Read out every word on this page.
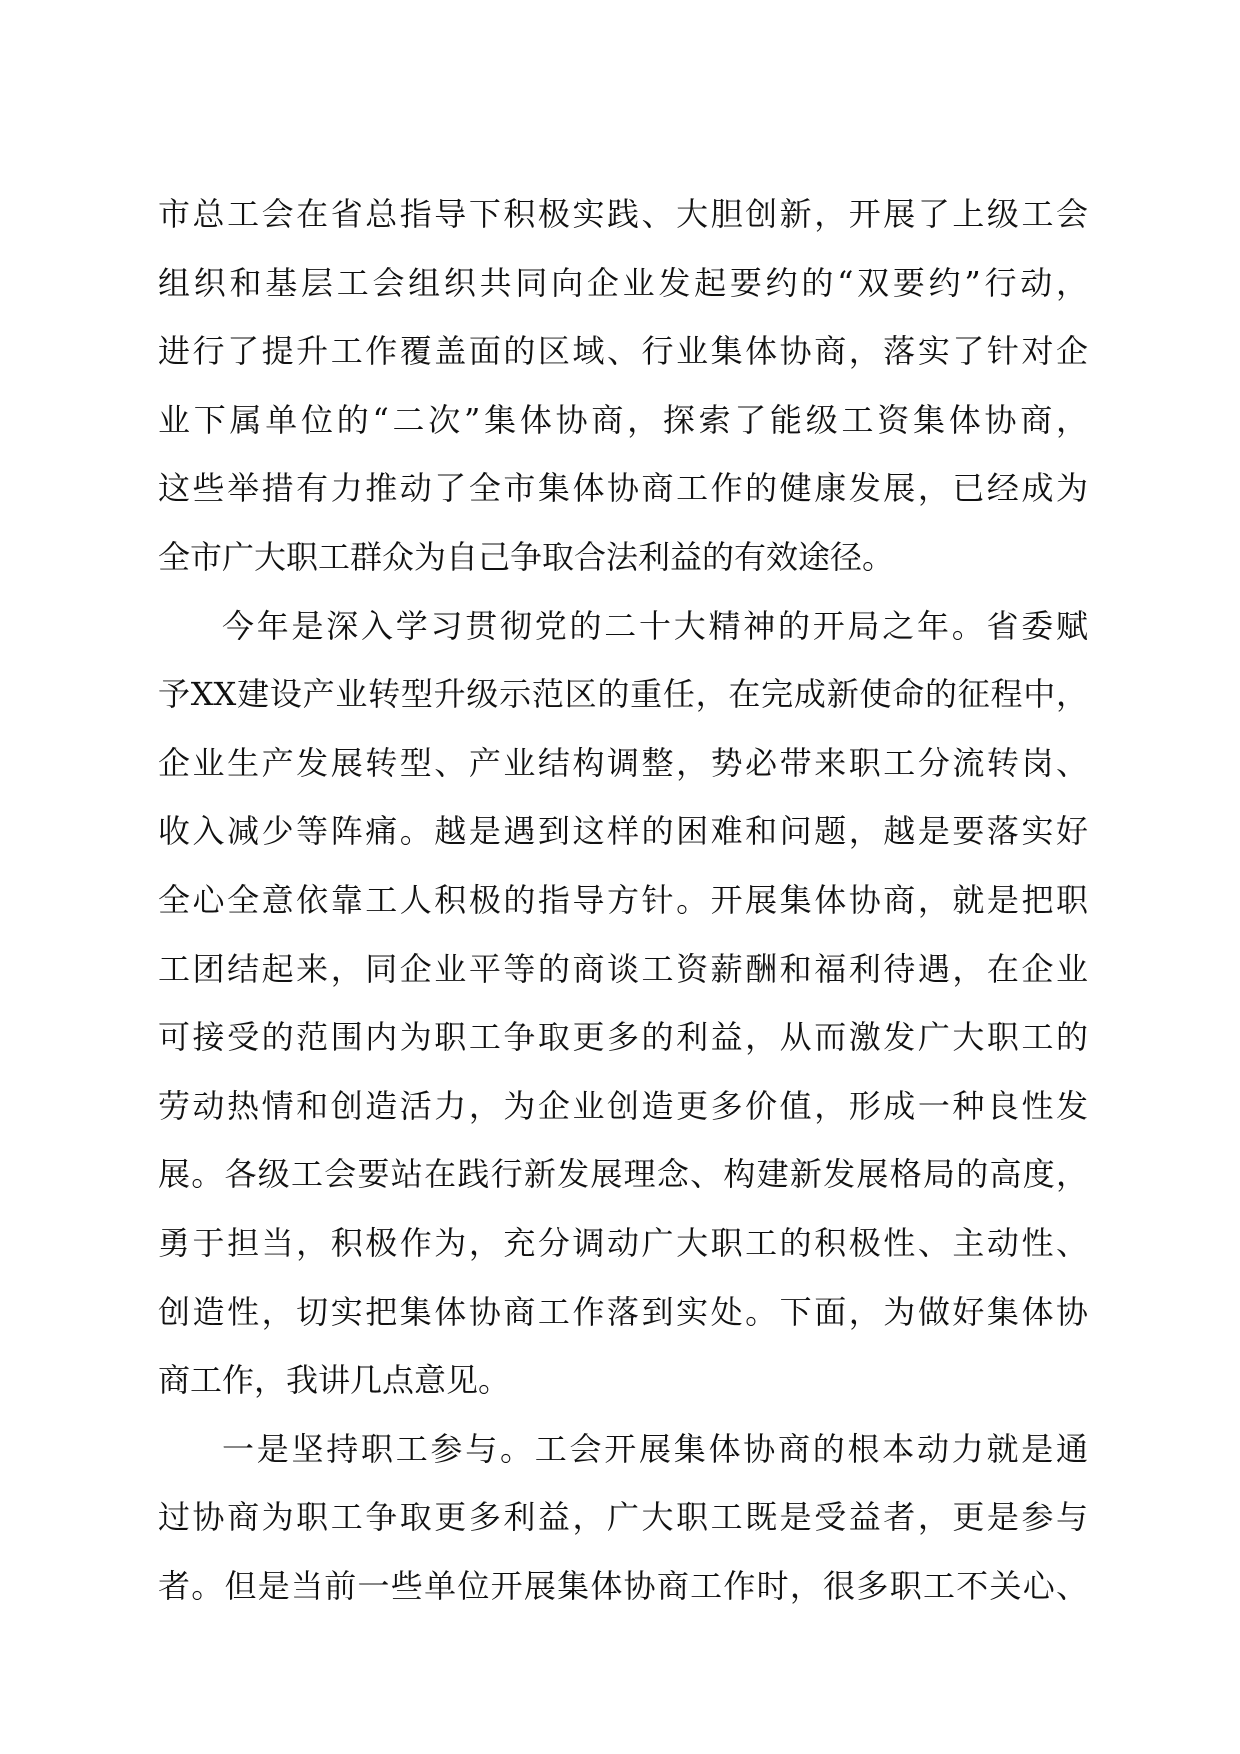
市总工会在省总指导下积极实践、大胆创新，开展了上级工会
组织和基层工会组织共同向企业发起要约的“双要约”行动，
进行了提升工作覆盖面的区域、行业集体协商，落实了针对企
业下属单位的“二次”集体协商，探索了能级工资集体协商，
这些举措有力推动了全市集体协商工作的健康发展，已经成为
全市广大职工群众为自己争取合法利益的有效途径。
今年是深入学习贯彻党的二十大精神的开局之年。省委赋
予XX建设产业转型升级示范区的重任，在完成新使命的征程中，
企业生产发展转型、产业结构调整，势必带来职工分流转岗、
收入减少等阵痛。越是遇到这样的困难和问题，越是要落实好
全心全意依靠工人积极的指导方针。开展集体协商，就是把职
工团结起来，同企业平等的商谈工资薪酬和福利待遇，在企业
可接受的范围内为职工争取更多的利益，从而激发广大职工的
劳动热情和创造活力，为企业创造更多价值，形成一种良性发
展。各级工会要站在践行新发展理念、构建新发展格局的高度，
勇于担当，积极作为，充分调动广大职工的积极性、主动性、
创造性，切实把集体协商工作落到实处。下面，为做好集体协
商工作，我讲几点意见。
一是坚持职工参与。工会开展集体协商的根本动力就是通
过协商为职工争取更多利益，广大职工既是受益者，更是参与
者。但是当前一些单位开展集体协商工作时，很多职工不关心、
